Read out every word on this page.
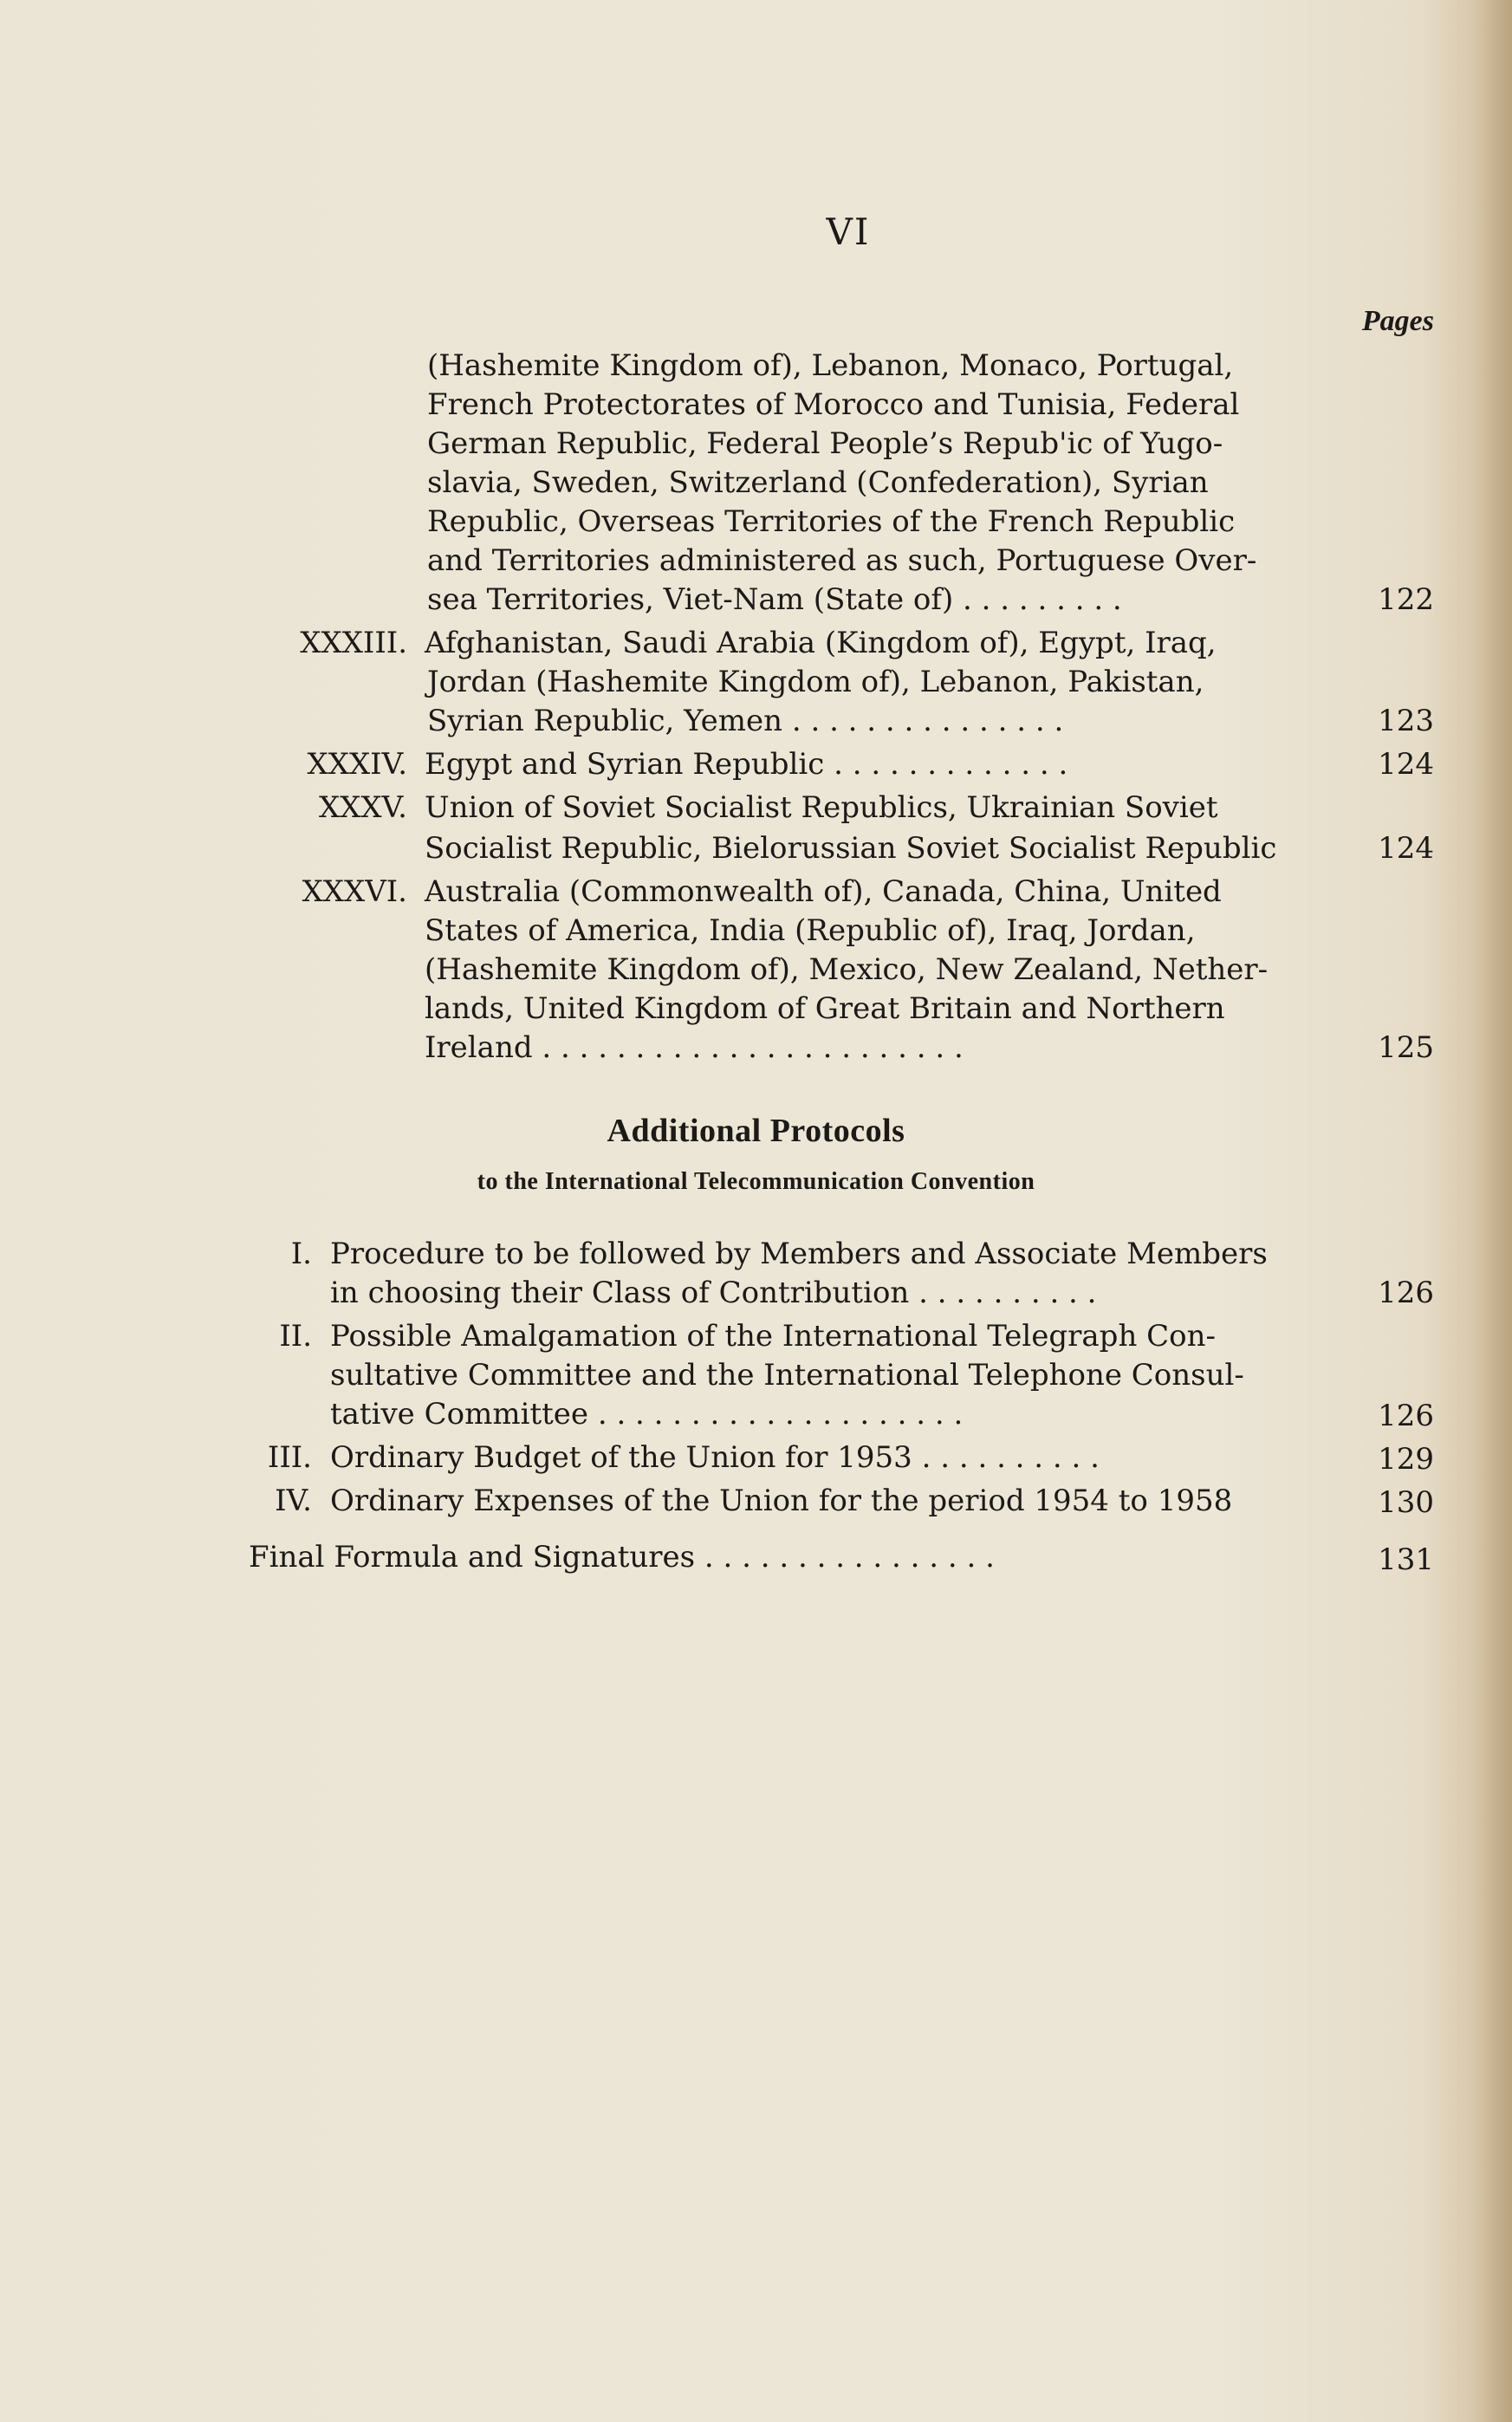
VI
Pages
(Hashemite Kingdom of), Lebanon, Monaco, Portugal,
French Protectorates of Morocco and Tunisia, Federal
German Republic, Federal People’s Repub'ic of Yugo-
slavia, Sweden, Switzerland (Confederation), Syrian
Republic, Overseas Territories of the French Republic
and Territories administered as such, Portuguese Over-
sea Territories, Viet-Nam (State of) . . . . . . . . .	122
XXXIII. Afghanistan, Saudi Arabia (Kingdom of), Egypt, Iraq,
Jordan (Hashemite Kingdom of), Lebanon, Pakistan,
Syrian Republic, Yemen . . . . . . . . . . . . . . .	123
XXXIV. Egypt and Syrian Republic . . . . . . . . . . . . .	124
XXXV. Union of Soviet Socialist Republics, Ukrainian Soviet
Socialist Republic, Bielorussian Soviet Socialist Republic	124
XXXVI. Australia (Commonwealth of), Canada, China, United
States of America, India (Republic of), Iraq, Jordan,
(Hashemite Kingdom of), Mexico, New Zealand, Nether-
lands, United Kingdom of Great Britain and Northern
Ireland . . . . . . . . . . . . . . . . . . . . . . .	125
Additional Protocols
to the International Telecommunication Convention
I. Procedure to be followed by Members and Associate Members
in choosing their Class of Contribution . . . . . . . . . .	126
II. Possible Amalgamation of the International Telegraph Con-
sultative Committee and the International Telephone Consul-
tative Committee . . . . . . . . . . . . . . . . . . . .	126
III. Ordinary Budget of the Union for 1953 . . . . . . . . . .	129
IV. Ordinary Expenses of the Union for the period 1954 to 1958	130
Final Formula and Signatures . . . . . . . . . . . . . . . .	131
